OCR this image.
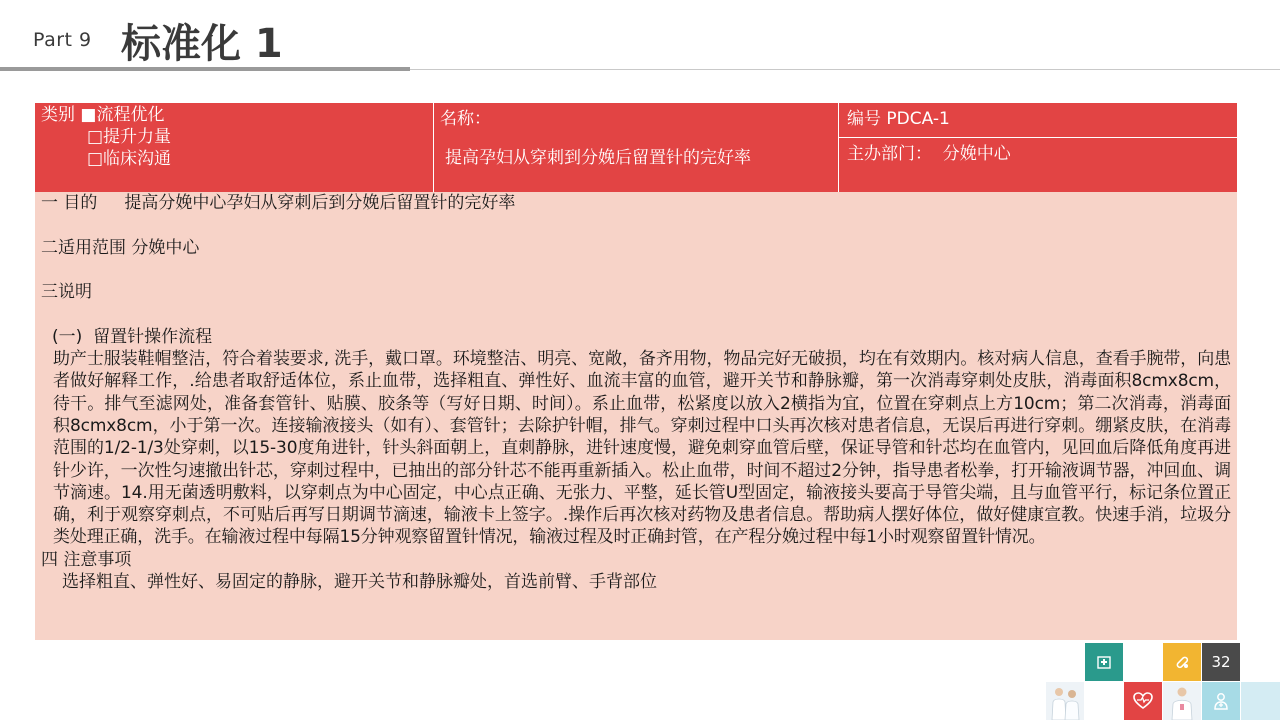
Part 9 标准化 1
类别 ■流程优化
□提升力量
□临床沟通
名称：
提高孕妇从穿刺到分娩后留置针的完好率
编号 PDCA-1
主办部门：  分娩中心
一 目的     提高分娩中心孕妇从穿刺后到分娩后留置针的完好率
二适用范围 分娩中心
三说明
(一)  留置针操作流程
助产士服装鞋帽整洁，符合着装要求, 洗手，戴口罩。环境整洁、明亮、宽敞，备齐用物，物品完好无破损，均在有效期内。核对病人信息，查看手腕带，向患者做好解释工作，.给患者取舒适体位，系止血带，选择粗直、弹性好、血流丰富的血管，避开关节和静脉瓣，第一次消毒穿刺处皮肤，消毒面积8cmx8cm，待干。排气至滤网处，准备套管针、贴膜、胶条等（写好日期、时间）。系止血带，松紧度以放入2横指为宜，位置在穿刺点上方10cm；第二次消毒，消毒面积8cmx8cm，小于第一次。连接输液接头（如有）、套管针；去除护针帽，排气。穿刺过程中口头再次核对患者信息，无误后再进行穿刺。绷紧皮肤，在消毒范围的1/2-1/3处穿刺，以15-30度角进针，针头斜面朝上，直刺静脉，进针速度慢，避免刺穿血管后壁，保证导管和针芯均在血管内，见回血后降低角度再进针少许，一次性匀速撤出针芯，穿刺过程中，已抽出的部分针芯不能再重新插入。松止血带，时间不超过2分钟，指导患者松拳，打开输液调节器，冲回血、调节滴速。14.用无菌透明敷料，以穿刺点为中心固定，中心点正确、无张力、平整，延长管U型固定，输液接头要高于导管尖端，且与血管平行，标记条位置正确，利于观察穿刺点，不可贴后再写日期调节滴速，输液卡上签字。.操作后再次核对药物及患者信息。帮助病人摆好体位，做好健康宣教。快速手消，垃圾分类处理正确，洗手。在输液过程中每隔15分钟观察留置针情况，输液过程及时正确封管，在产程分娩过程中每1小时观察留置针情况。
四 注意事项
选择粗直、弹性好、易固定的静脉，避开关节和静脉瓣处，首选前臂、手背部位
32
